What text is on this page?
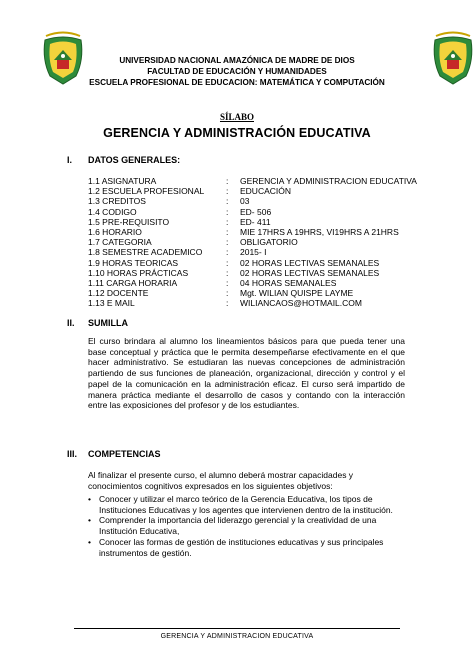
UNIVERSIDAD NACIONAL AMAZÓNICA DE MADRE DE DIOS
FACULTAD DE EDUCACIÓN Y HUMANIDADES
ESCUELA PROFESIONAL DE EDUCACION: MATEMÁTICA Y COMPUTACIÓN
SÍLABO
GERENCIA Y ADMINISTRACIÓN EDUCATIVA
I.	DATOS GENERALES:
1.1 ASIGNATURA	:	GERENCIA Y ADMINISTRACION EDUCATIVA
1.2 ESCUELA PROFESIONAL	:	EDUCACIÓN
1.3 CREDITOS	:	03
1.4 CODIGO	:	ED- 506
1.5 PRE-REQUISITO	:	ED- 411
1.6 HORARIO	:	MIE 17HRS A 19HRS, VI19HRS A 21HRS
1.7 CATEGORIA	:	OBLIGATORIO
1.8 SEMESTRE ACADEMICO	:	2015- I
1.9 HORAS TEORICAS	:	02 HORAS LECTIVAS SEMANALES
1.10 HORAS PRÁCTICAS	:	02 HORAS LECTIVAS SEMANALES
1.11 CARGA HORARIA	:	04 HORAS SEMANALES
1.12 DOCENTE	:	Mgt. WILIAN QUISPE LAYME
1.13 E MAIL	:	WILIANCAOS@HOTMAIL.COM
II.	SUMILLA
El curso brindara al alumno los lineamientos básicos para que pueda tener una base conceptual y práctica que le permita desempeñarse efectivamente en el que hacer administrativo. Se estudiaran las nuevas concepciones de administración partiendo de sus funciones de planeación, organizacional, dirección y control y el papel de la comunicación en la administración eficaz. El curso será impartido de manera práctica mediante el desarrollo de casos y contando con la interacción entre las exposiciones del profesor y de los estudiantes.
III.	COMPETENCIAS
Al finalizar el presente curso, el alumno deberá mostrar capacidades y conocimientos cognitivos expresados en los siguientes objetivos:
• Conocer y utilizar el marco teórico de la Gerencia Educativa, los tipos de Instituciones Educativas y los agentes que intervienen dentro de la institución.
• Comprender la importancia del liderazgo gerencial y la creatividad de una Institución Educativa,
• Conocer las formas de gestión de instituciones educativas y sus principales instrumentos de gestión.
GERENCIA Y ADMINISTRACION EDUCATIVA
